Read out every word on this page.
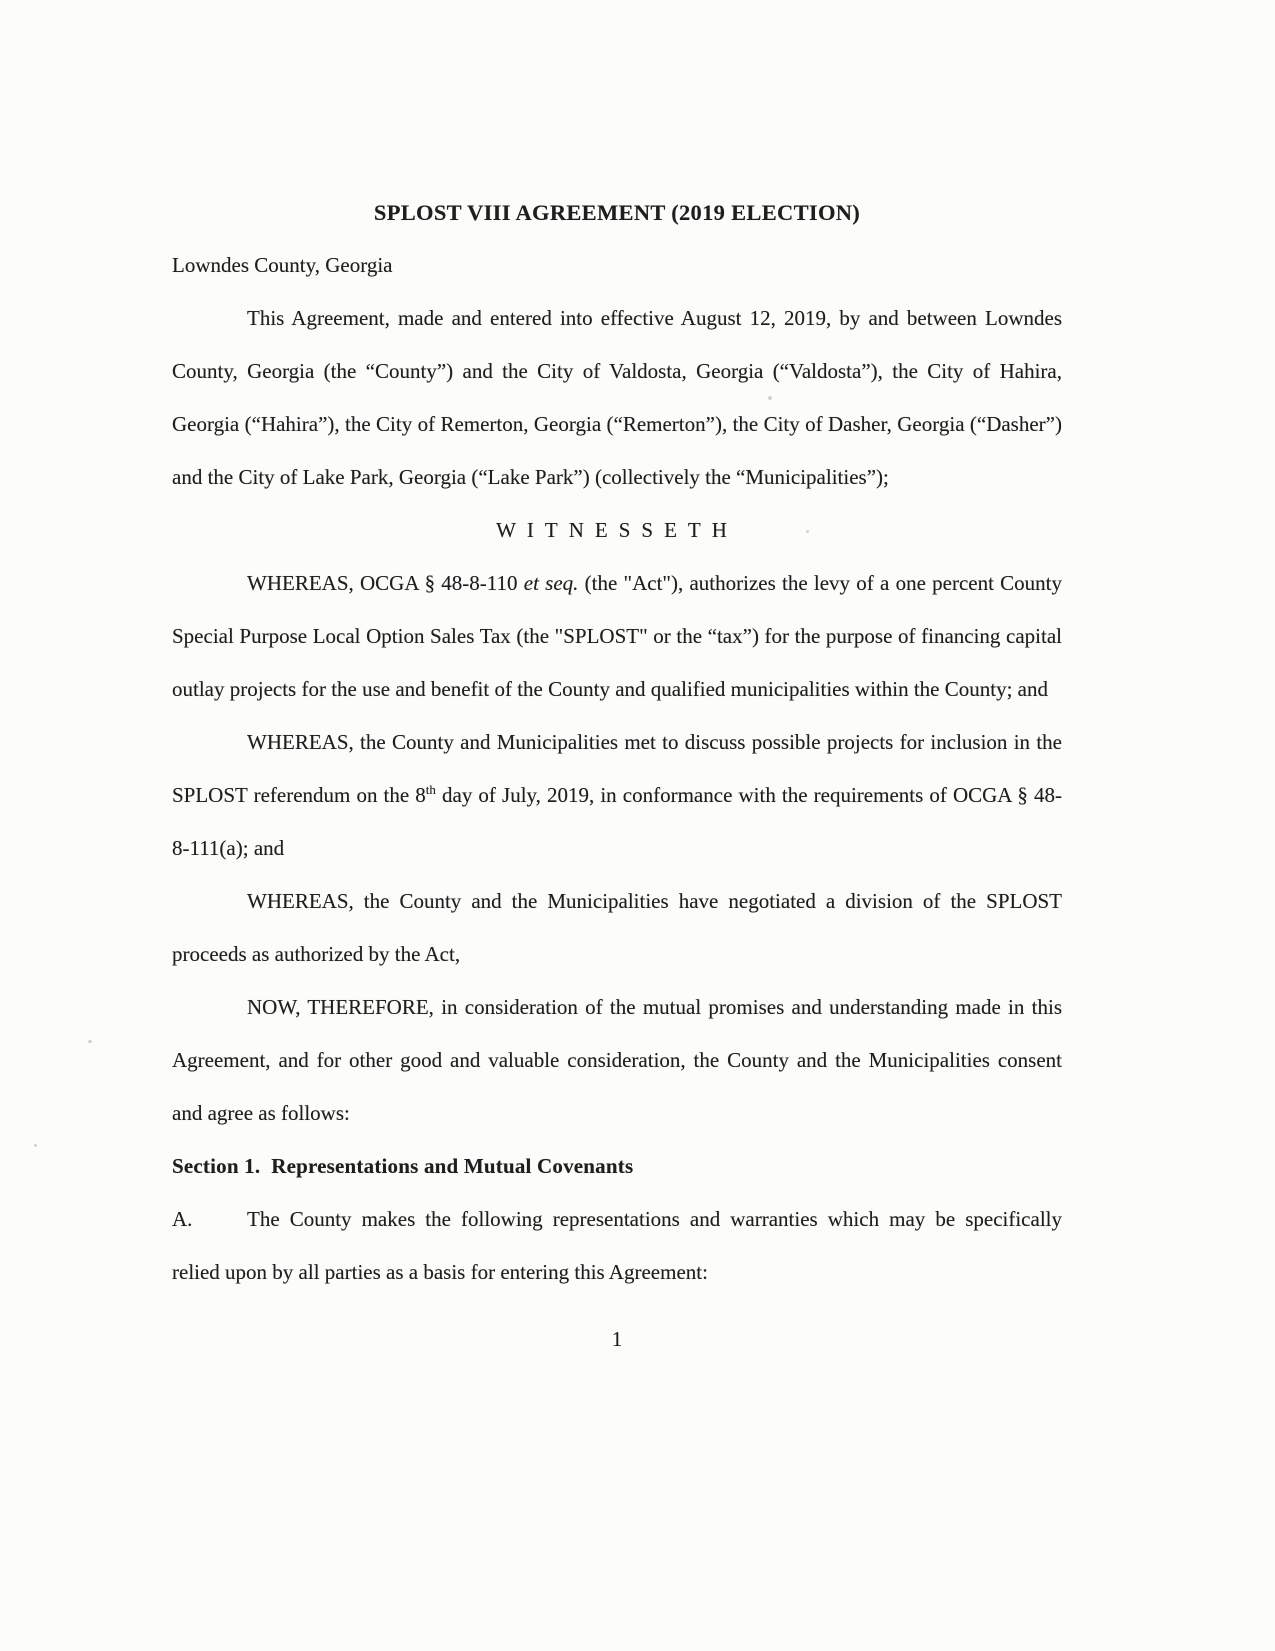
SPLOST VIII AGREEMENT (2019 ELECTION)

Lowndes County, Georgia

This Agreement, made and entered into effective August 12, 2019, by and between Lowndes County, Georgia (the “County”) and the City of Valdosta, Georgia (“Valdosta”), the City of Hahira, Georgia (“Hahira”), the City of Remerton, Georgia (“Remerton”), the City of Dasher, Georgia (“Dasher”) and the City of Lake Park, Georgia (“Lake Park”) (collectively the “Municipalities”);

WITNESSETH

WHEREAS, OCGA § 48-8-110 et seq. (the "Act"), authorizes the levy of a one percent County Special Purpose Local Option Sales Tax (the "SPLOST" or the “tax”) for the purpose of financing capital outlay projects for the use and benefit of the County and qualified municipalities within the County; and

WHEREAS, the County and Municipalities met to discuss possible projects for inclusion in the SPLOST referendum on the 8th day of July, 2019, in conformance with the requirements of OCGA § 48-8-111(a); and

WHEREAS, the County and the Municipalities have negotiated a division of the SPLOST proceeds as authorized by the Act,

NOW, THEREFORE, in consideration of the mutual promises and understanding made in this Agreement, and for other good and valuable consideration, the County and the Municipalities consent and agree as follows:

Section 1.  Representations and Mutual Covenants

A.	The County makes the following representations and warranties which may be specifically relied upon by all parties as a basis for entering this Agreement:

1
